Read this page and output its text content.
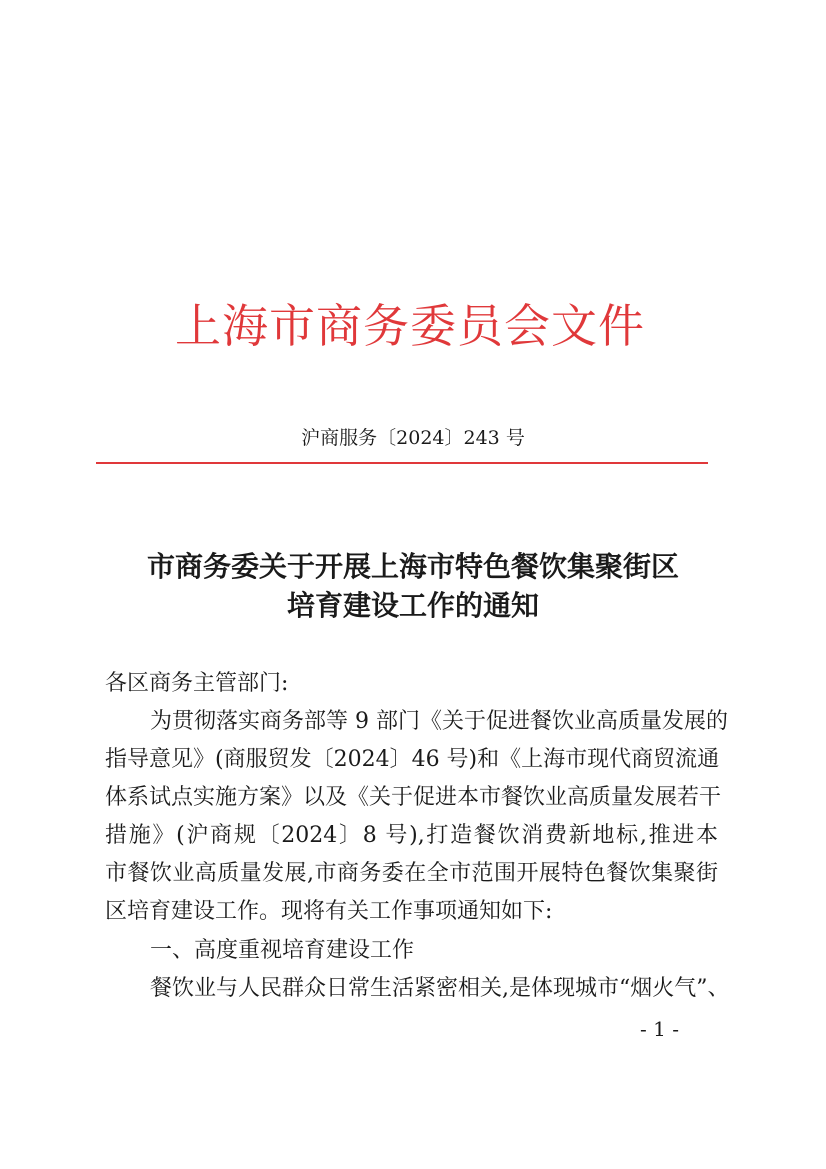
上海市商务委员会文件
沪商服务〔2024〕243 号
市商务委关于开展上海市特色餐饮集聚街区
培育建设工作的通知
各区商务主管部门:
为贯彻落实商务部等 9 部门《关于促进餐饮业高质量发展的
指导意见》(商服贸发〔2024〕46 号)和《上海市现代商贸流通
体系试点实施方案》以及《关于促进本市餐饮业高质量发展若干
措施》(沪商规〔2024〕8 号),打造餐饮消费新地标,推进本
市餐饮业高质量发展,市商务委在全市范围开展特色餐饮集聚街
区培育建设工作。现将有关工作事项通知如下:
一、高度重视培育建设工作
餐饮业与人民群众日常生活紧密相关,是体现城市“烟火气”、
- 1 -
